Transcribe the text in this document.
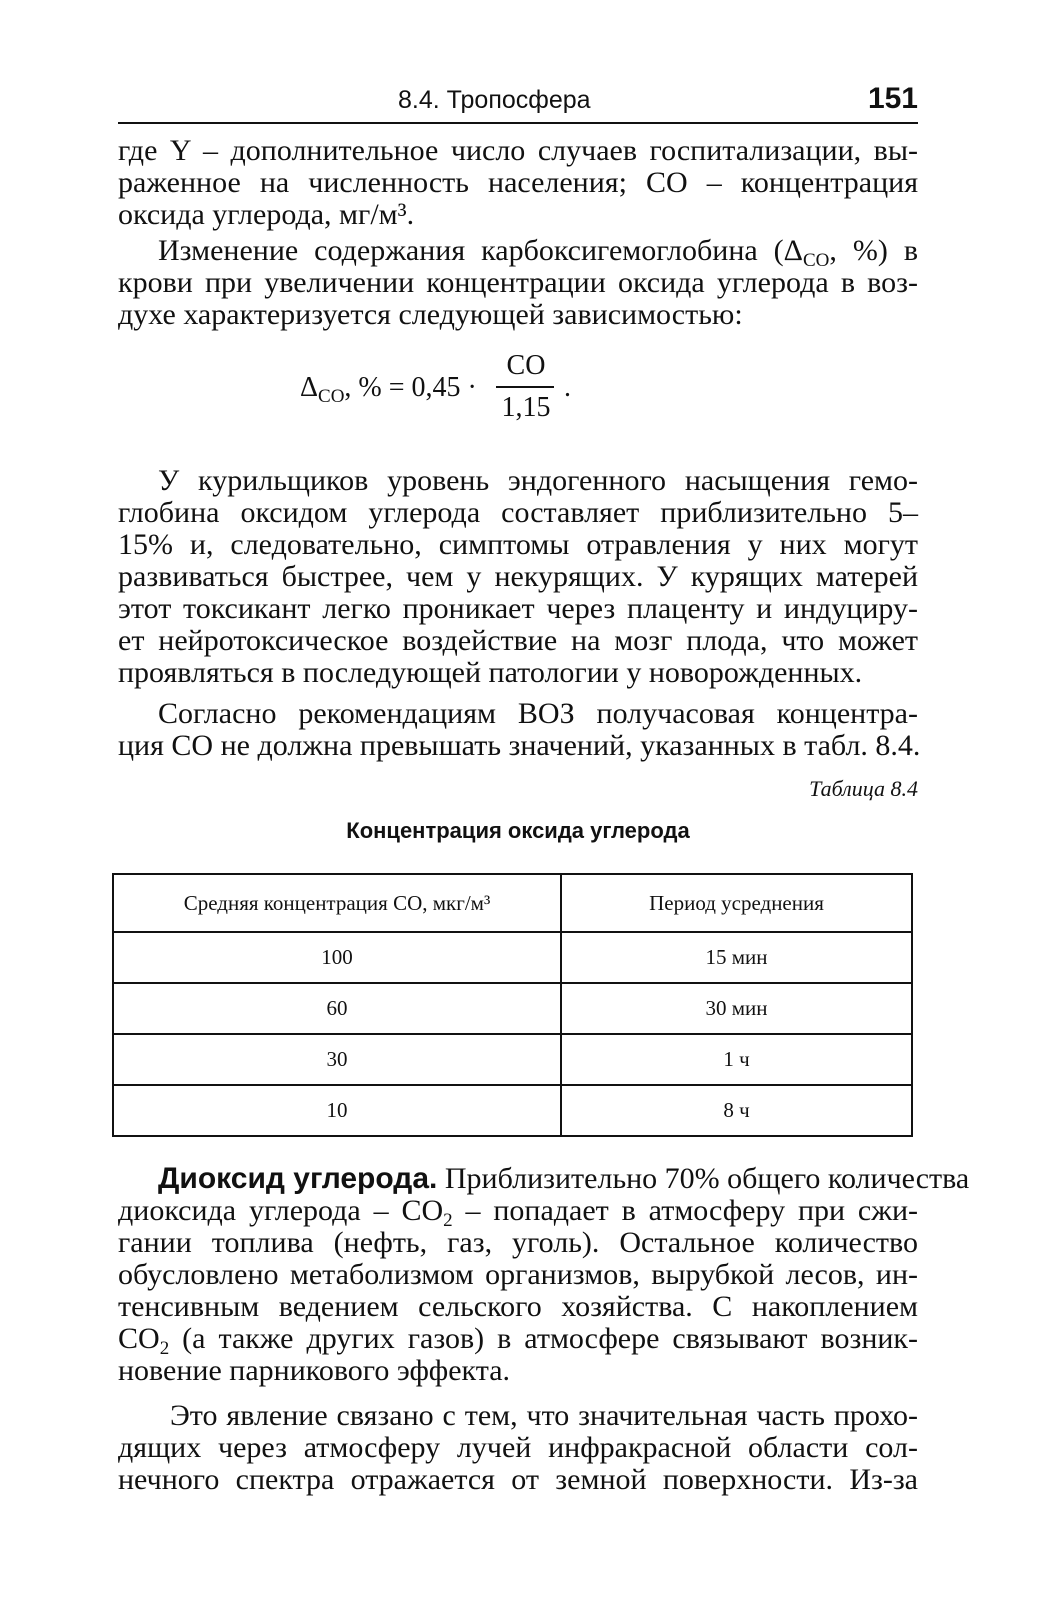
8.4. Тропосфера	151
где Y – дополнительное число случаев госпитализации, вы-
раженное на численность населения; CO – концентрация
оксида углерода, мг/м³.
Изменение содержания карбоксигемоглобина ($\Delta_{CO}$, %) в
крови при увеличении концентрации оксида углерода в воз-
духе характеризуется следующей зависимостью:
$\Delta_{CO}$, % = 0,45 ·
CO
1,15
.
У курильщиков уровень эндогенного насыщения гемо-
глобина оксидом углерода составляет приблизительно 5–
15% и, следовательно, симптомы отравления у них могут
развиваться быстрее, чем у некурящих. У курящих матерей
этот токсикант легко проникает через плаценту и индуциру-
ет нейротоксическое воздействие на мозг плода, что может
проявляться в последующей патологии у новорожденных.
Согласно рекомендациям ВОЗ получасовая концентра-
ция CO не должна превышать значений, указанных в табл. 8.4.
Таблица 8.4
Концентрация оксида углерода
Средняя концентрация CO, мкг/м³	Период усреднения
100	15 мин
60	30 мин
30	1 ч
10	8 ч
Диоксид углерода. Приблизительно 70% общего количества
диоксида углерода – $CO_2$ – попадает в атмосферу при сжи-
гании топлива (нефть, газ, уголь). Остальное количество
обусловлено метаболизмом организмов, вырубкой лесов, ин-
тенсивным ведением сельского хозяйства. С накоплением
$CO_2$ (а также других газов) в атмосфере связывают возник-
новение парникового эффекта.
Это явление связано с тем, что значительная часть прохо-
дящих через атмосферу лучей инфракрасной области сол-
нечного спектра отражается от земной поверхности. Из-за
